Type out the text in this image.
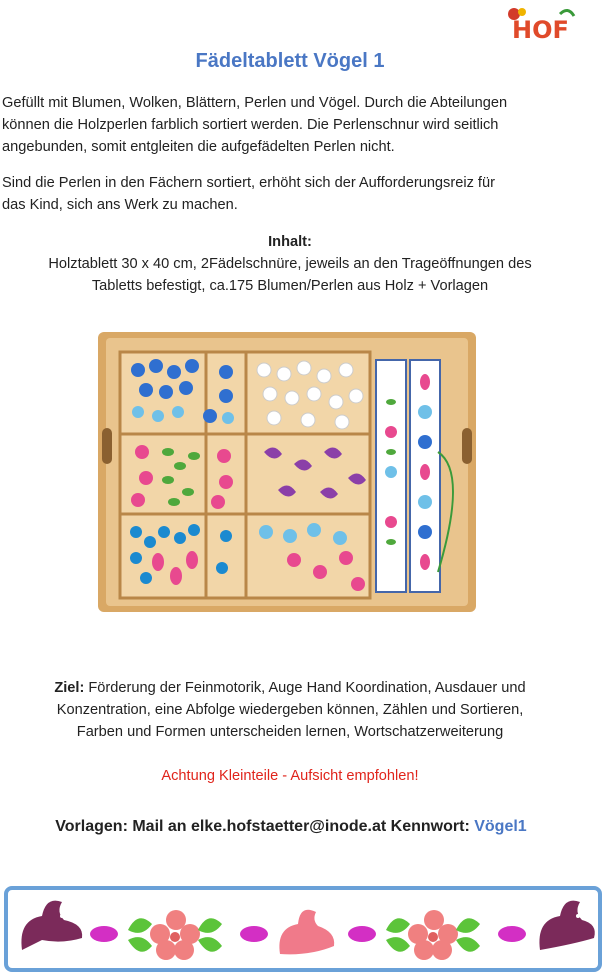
HOF
Fädeltablett Vögel 1
Gefüllt mit Blumen, Wolken, Blättern, Perlen und Vögel. Durch die Abteilungen
können die Holzperlen farblich sortiert werden. Die Perlenschnur wird seitlich
angebunden, somit entgleiten die aufgefädelten Perlen nicht.
Sind die Perlen in den Fächern sortiert, erhöht sich der Aufforderungsreiz für
das Kind, sich ans Werk zu machen.
Inhalt:
Holztablett 30 x 40 cm, 2Fädelschnüre, jeweils an den Trageöffnungen des
Tabletts befestigt, ca.175 Blumen/Perlen aus Holz + Vorlagen
Ziel: Förderung der Feinmotorik, Auge Hand Koordination, Ausdauer und
Konzentration, eine Abfolge wiedergeben können, Zählen und Sortieren,
Farben und Formen unterscheiden lernen, Wortschatzerweiterung

Achtung Kleinteile - Aufsicht empfohlen!

Vorlagen: Mail an elke.hofstaetter@inode.at Kennwort: Vögel1
